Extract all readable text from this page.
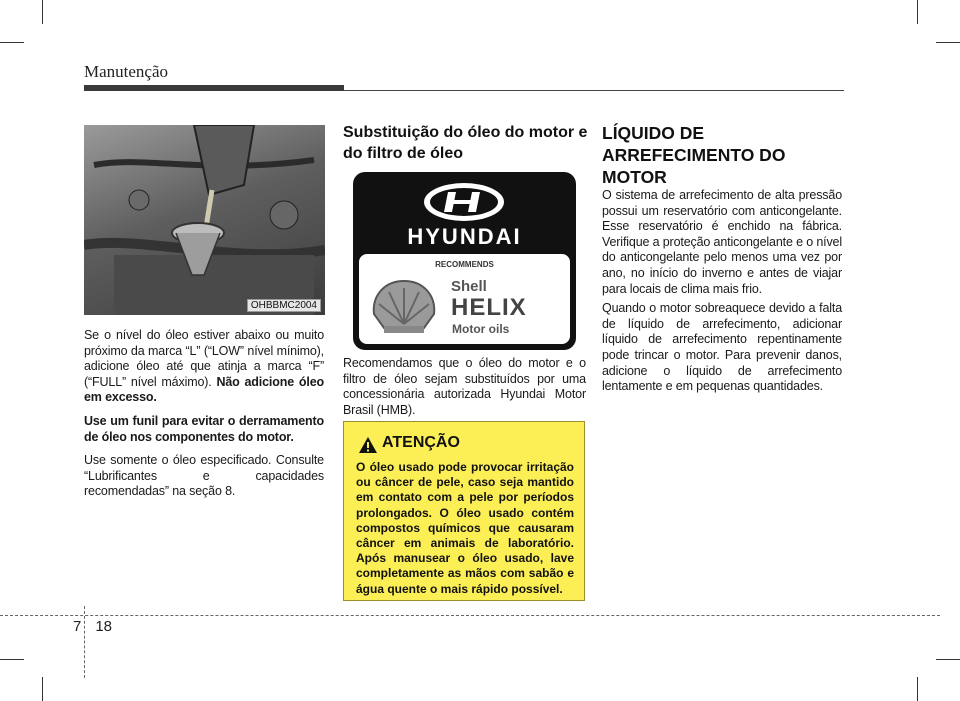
Manutenção
OHBBMC2004

Se o nível do óleo estiver abaixo ou muito próximo da marca “L” (“LOW” nível mínimo), adicione óleo até que atinja a marca “F” (“FULL” nível máximo). Não adicione óleo em excesso.

Use um funil para evitar o derramamento de óleo nos componentes do motor.

Use somente o óleo especificado. Consulte “Lubrificantes e capacidades recomendadas” na seção 8.

Substituição do óleo do motor e do filtro de óleo
HYUNDAI
RECOMMENDS
Shell
HELIX
Motor oils

Recomendamos que o óleo do motor e o filtro de óleo sejam substituídos por uma concessionária autorizada Hyundai Motor Brasil (HMB).

ATENÇÃO
O óleo usado pode provocar irritação ou câncer de pele, caso seja mantido em contato com a pele por períodos prolongados. O óleo usado contém compostos químicos que causaram câncer em animais de laboratório. Após manusear o óleo usado, lave completamente as mãos com sabão e água quente o mais rápido possível.
LÍQUIDO DE ARREFECIMENTO DO MOTOR

O sistema de arrefecimento de alta pressão possui um reservatório com anticongelante. Esse reservatório é enchido na fábrica. Verifique a proteção anticongelante e o nível do anticongelante pelo menos uma vez por ano, no início do inverno e antes de viajar para locais de clima mais frio.

Quando o motor sobreaquece devido a falta de líquido de arrefecimento, adicionar líquido de arrefecimento repentinamente pode trincar o motor. Para prevenir danos, adicione o líquido de arrefecimento lentamente e em pequenas quantidades.

7 18
